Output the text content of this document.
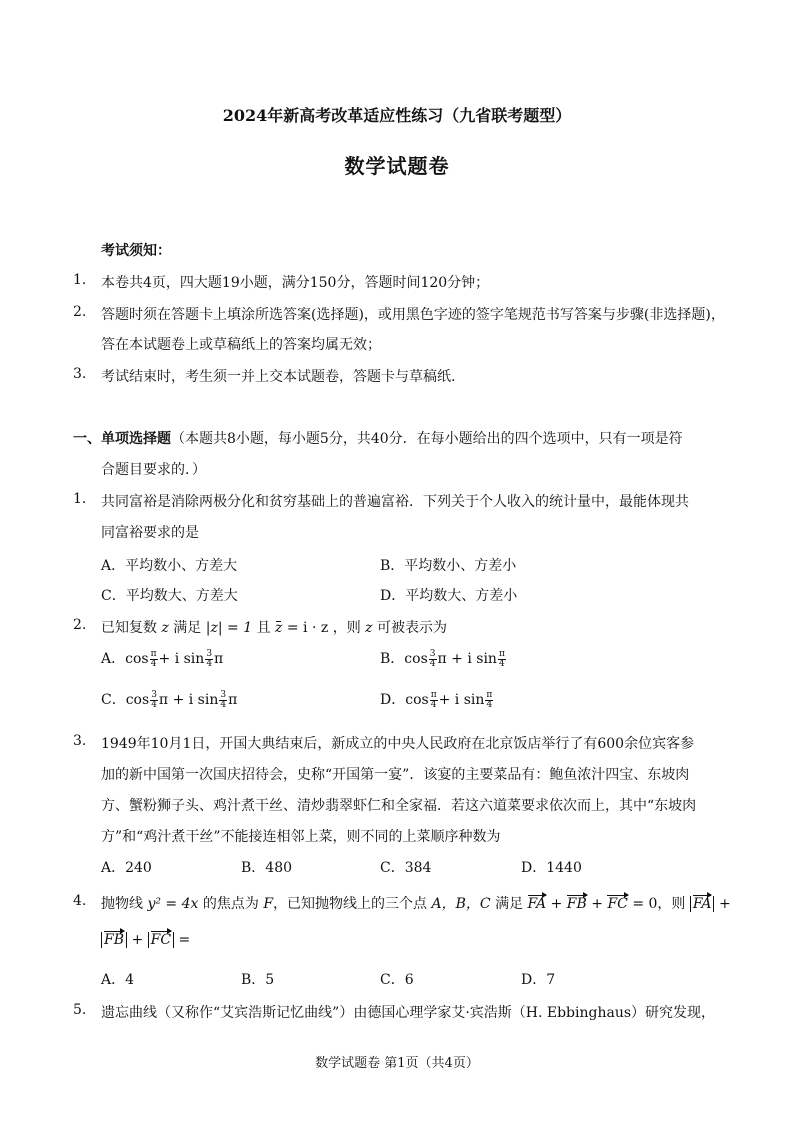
2024年新高考改革适应性练习（九省联考题型）
数学试题卷
考试须知：
1. 本卷共4页，四大题19小题，满分150分，答题时间120分钟；
2. 答题时须在答题卡上填涂所选答案(选择题)，或用黑色字迹的签字笔规范书写答案与步骤(非选择题)，
答在本试题卷上或草稿纸上的答案均属无效；
3. 考试结束时，考生须一并上交本试题卷，答题卡与草稿纸.
一、单项选择题（本题共8小题，每小题5分，共40分．在每小题给出的四个选项中，只有一项是符
合题目要求的．）
1. 共同富裕是消除两极分化和贫穷基础上的普遍富裕．下列关于个人收入的统计量中，最能体现共
同富裕要求的是
A．平均数小、方差大	B．平均数小、方差小
C．平均数大、方差大	D．平均数大、方差小
2. 已知复数 z 满足 |z| = 1 且 z = i · z ，则 z 可被表示为
A．$\cos \frac{\pi}{4} + i$ $\sin \frac{3}{4}$ π	B．$\cos \frac{3}{4}$ π + i $\sin \frac{\pi}{4}$
C．$\cos \frac{3}{4}$ π + i $\sin \frac{3}{4}$ π	D．$\cos \frac{\pi}{4} + i$ $\sin \frac{\pi}{4}$
3. 1949年10月1日，开国大典结束后，新成立的中央人民政府在北京饭店举行了有600余位宾客参
加的新中国第一次国庆招待会，史称“开国第一宴”．该宴的主要菜品有：鲍鱼浓汁四宝、东坡肉
方、蟹粉狮子头、鸡汁煮干丝、清炒翡翠虾仁和全家福．若这六道菜要求依次而上，其中“东坡肉
方”和“鸡汁煮干丝”不能接连相邻上菜，则不同的上菜顺序种数为
A．240	B．480	C．384	D．1440
4. 抛物线 y² = 4x 的焦点为 F，已知抛物线上的三个点 A，B，C 满足 FA + FB + FC = 0，则 FA +
FB + FC =
A．4	B．5	C．6	D．7
5. 遗忘曲线（又称作“艾宾浩斯记忆曲线”）由德国心理学家艾·宾浩斯（H. Ebbinghaus）研究发现，
数学试题卷 第1页（共4页）
